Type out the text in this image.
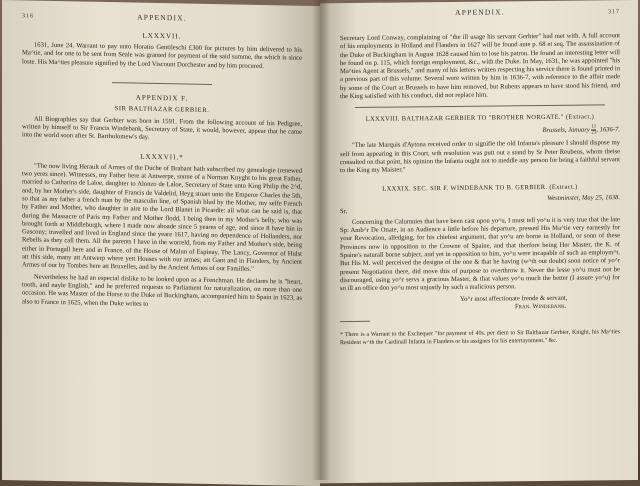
316	APPENDIX.
LXXXVII.

1631, June 24. Warrant to pay unto Horatio Gentileschi £300 for pictures by him delivered to his Ma^tie, and for one to be sent from Seale was granted for payment of the said summe, the which is since loste. His Ma^ties pleasure signified by the Lord Viscount Dorchester and by him procured.

APPENDIX F.
SIR BALTHAZAR GERBIER.

All Biographies say that Gerbier was born in 1591. From the following account of his Pedigree, written by himself to Sir Francis Windebank, Secretary of State, it would, however, appear that he came into the world soon after St. Bartholomew's day.

LXXXVII.*

"The now living Herault of Armes of the Duche of Brabant hath subscribed my genealogie (renewed two yeres since). Witnesses, my Father here at Antwerpe, sonne of a Norman Knyght to his great Father, married to Catharina de Laloe, daughter to Alonzo de Laloe, Secretary of State unto King Philip the 2^d, and, by her Mother's side, daughter of Francis de Valdelid, Heyg stuart unto the Emperor Charles the 5th, so that as my father a french man by the masculin line, of Spanish blud by the Mother, my selfe French by Father and Mother, who daughter in aire to the Lord Blanet in Picardie: all what can be said is, that during the Massacre of Paris my Father and Mother flodd, I being then in my Mother's belly, who was brought forth at Middleburgh, where I made now aboade since 5 yeares of age, and since 8 have bin in Gascony; travelled and lived in England since the yeare 1617, having no dependence of Hollanders, nor Rebells as they call them. All the parents I have in the worreld, from my Father and Mother's side, being either in Portugall here and in France, of the House of Malun of Espinay, The Lancy, Governor of Hulst att this side, many att Antwerp where yett Houses with our armes; att Gant and in Flanders, by Ancient Armes of our by Tombes here att Bruxelles, and by the Ancient Armes of our Familles."

Nevertheless he had an especial dislike to be looked upon as a Frenchman. He declares he is "heart, tooth, and nayle English," and he preferred requests to Parliament for naturalization, on more than one occasion. He was Master of the Horse to the Duke of Buckingham, accompanied him to Spain in 1623, as also to France in 1625, when the Duke writes to

APPENDIX.	317

Secretary Lord Conway, complaining of "the ill usage his servant Gerbier" had met with. A full account of his employments in Holland and Flanders in 1627 will be found ante p. 68 et seq. The assassination of the Duke of Buckingham in August 1628 caused him to lose his patron. He found an interesting letter will be found on p. 115, which foreign employment, &c., with the Duke. In May, 1631, he was appointed "his Ma^ties Agent at Brussels," and many of his letters written respecting his service there is found printed in a previous part of this volume. Several were written by him in 1636-7, with reference to the affair made by some of the Court at Brussels to have him removed, but Rubens appears to have stood his friend, and the King satisfied with his conduct, did not replace him.

LXXXVIII. BALTHAZAR GERBIER TO "BROTHER NORGATE." (Extract.)
Brussels, January $\frac{11}{21}$ , 1636-7.

"The late Marquis d'Aytona received order to signifie the old Infanta's pleasure I should dispose my self from appearing in this Court, wth resolution was putt out a stand by Sr Peter Reubens, whom theise consulted on that point, his opinion the Infanta ought not to meddle any person for being a faithful servant to the King my Maister."

LXXXIX. SEC. SIR F. WINDEBANK TO B. GERBIER. (Extract.)
Westminster, May 25, 1638.
Sr,

Concerning the Calumnies that have been cast upon yo^u, I must tell yo^u it is very true that the late Sp: Amb^r De Onate, in an Audience a little before his departure, pressed His Ma^tie very earnestly for your Revocation, alledging, for his chiefest argument, that yo^u are borne in Holland, or sonn of these Provinces now in opposition to the Crowne of Spaine, and that therfore being Her Master, the K. of Spaine's naturall borne subject, and yet in opposition to him, yo^u were incapable of such an employm^t. But His M. well perceived the designe of the one & that he having (w^th out doubt) soon notice of yo^r present Negotiation there, did move this of purpose to overthrow it. Never the lesse yo^u must not be discouraged, using yo^r servs a gracious Master, & that values yo^u much the better (I assure yo^u) for so ill an office don yo^u most unjustly by such a malicious person.

Yo^r most affectionate frende & servant,
Fran. Windebank.
* There is a Warrant to the Exchequer "for payment of 40s. per diem to Sir Balthazar Gerbier, Knight, his Ma^ties Resident w^th the Cardinall Infanta in Flanders or his assignes for his entertaynment," &c.
